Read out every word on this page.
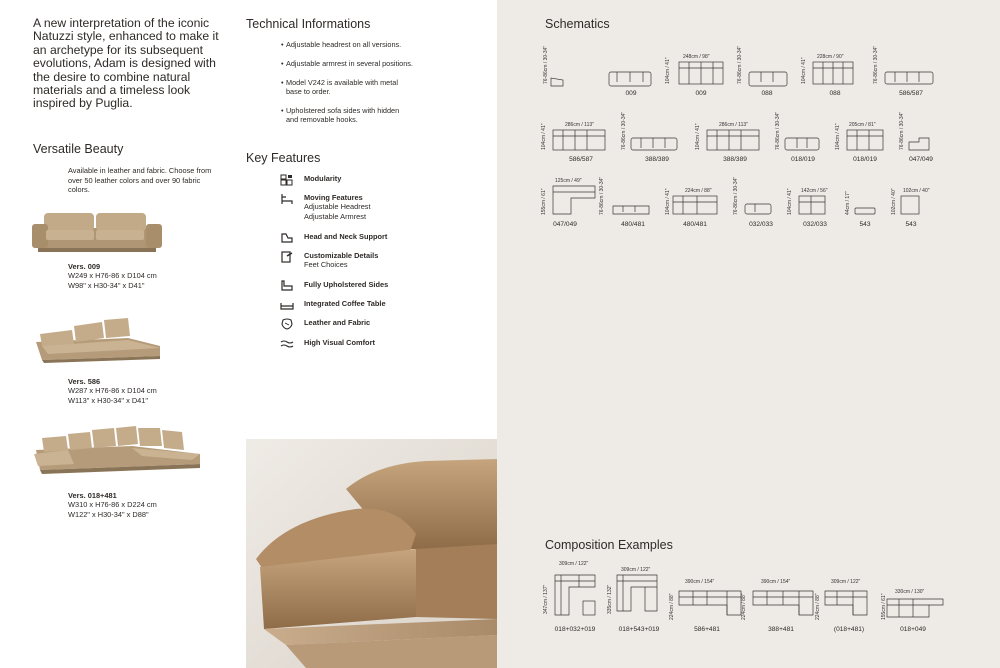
A new interpretation of the iconic Natuzzi style, enhanced to make it an archetype for its subsequent evolutions, Adam is designed with the desire to combine natural materials and a timeless look inspired by Puglia.

Versatile Beauty

Available in leather and fabric. Choose from over 50 leather colors and over 90 fabric colors.

Vers. 009
W249 x H76-86 x D104 cm
W98" x H30-34" x D41"
Vers. 586
W287 x H76-86 x D104 cm
W113" x H30-34" x D41"
Vers. 018+481
W310 x H76-86 x D224 cm
W122" x H30-34" x D88"
Technical Informations
• Adjustable headrest on all versions.
• Adjustable armrest in several positions.
• Model V242 is available with metal base to order.
• Upholstered sofa sides with hidden and removable hooks.
Key Features
Modularity
Moving Features
Adjustable Headrest
Adjustable Armrest
Head and Neck Support
Customizable Details
Feet Choices
Fully Upholstered Sides
Integrated Coffee Table
Leather and Fabric
High Visual Comfort
Schematics
76-86cm / 30-34"
009
248cm / 98"
104cm / 41"
009
76-86cm / 30-34"
088
228cm / 90"
104cm / 41"
088
76-86cm / 30-34"
586/587
286cm / 113"
104cm / 41"
586/587
76-86cm / 30-34"
388/389
286cm / 113"
104cm / 41"
388/389
76-86cm / 30-34"
018/019
205cm / 81"
104cm / 41"
018/019
76-86cm / 30-34"
047/049
125cm / 49"
155cm / 61"
047/049
76-86cm / 30-34"
480/481
224cm / 88"
104cm / 41"
480/481
76-86cm / 30-34"
032/033
142cm / 56"
104cm / 41"
032/033
44cm / 17"
543
102cm / 40"
102cm / 40"
543
Composition Examples
309cm / 122"
347cm / 137"
018+032+019
309cm / 122"
335cm / 132"
018+543+019
390cm / 154"
224cm / 88"
586+481
390cm / 154"
224cm / 88"
388+481
309cm / 122"
224cm / 88"
(018+481)
330cm / 130"
155cm / 61"
018+049
